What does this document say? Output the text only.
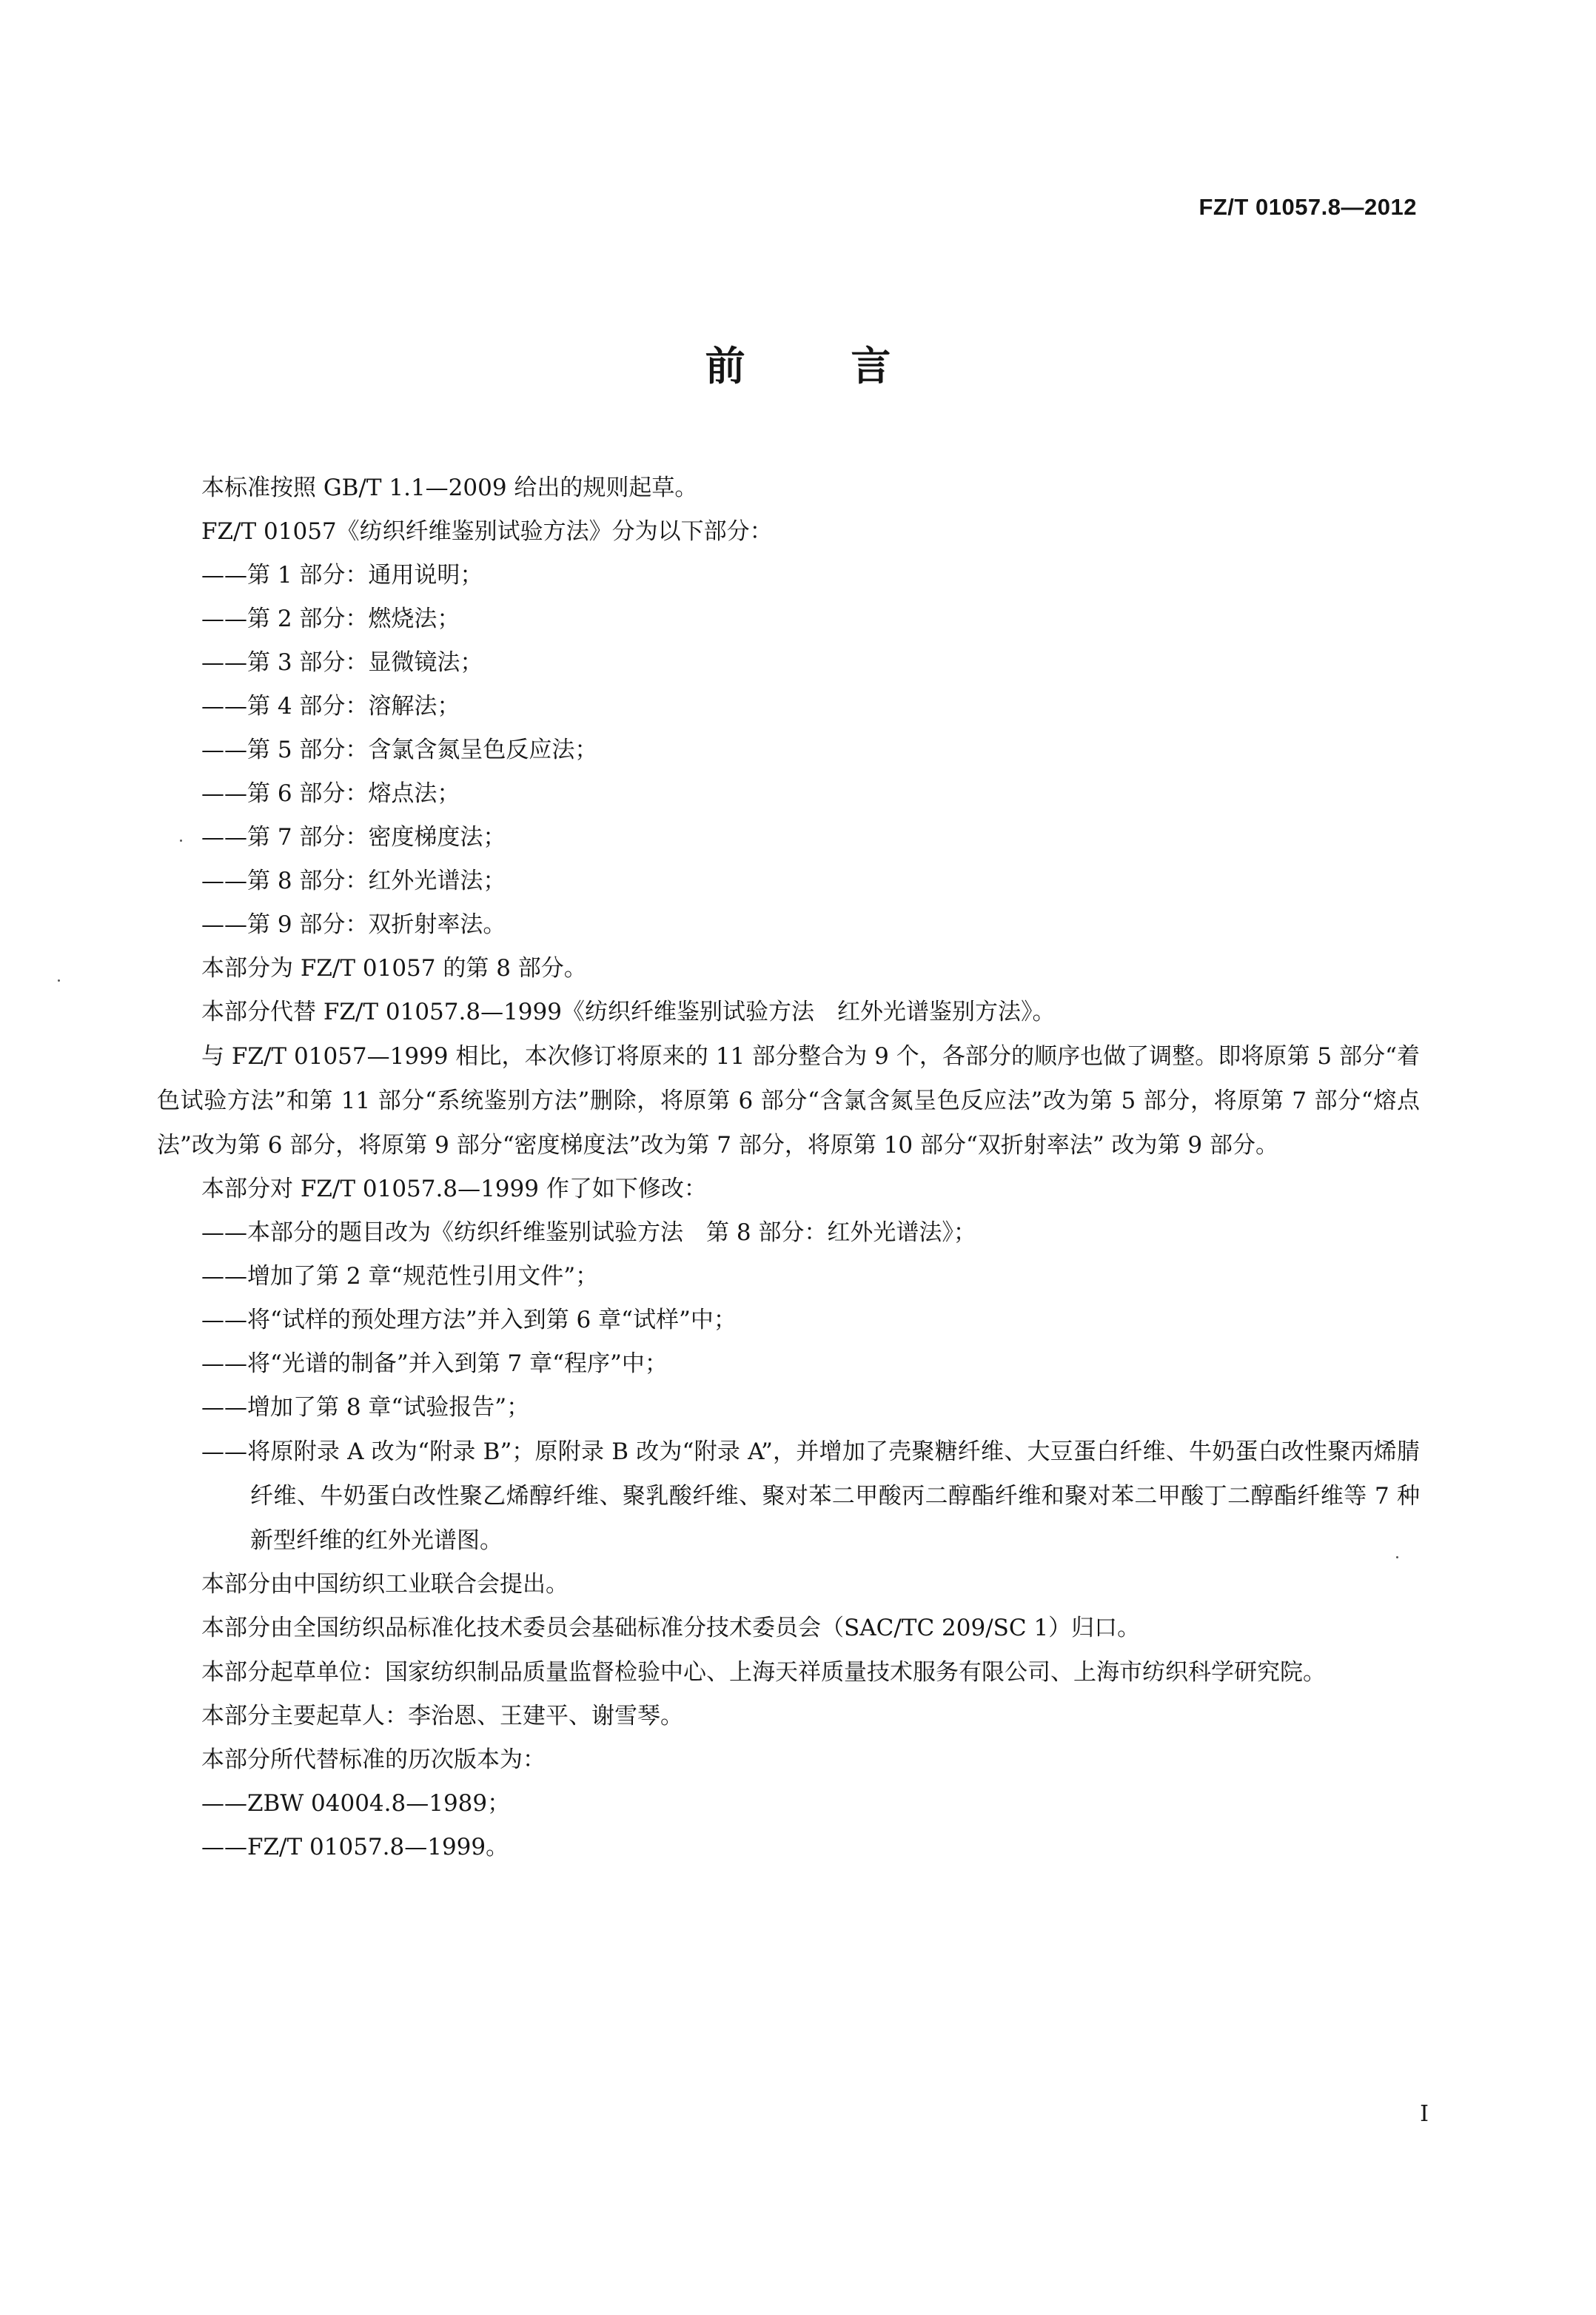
FZ/T 01057.8—2012
前 言

本标准按照 GB/T 1.1—2009 给出的规则起草。

FZ/T 01057《纺织纤维鉴别试验方法》分为以下部分：

——第 1 部分：通用说明；

——第 2 部分：燃烧法；

——第 3 部分：显微镜法；

——第 4 部分：溶解法；

——第 5 部分：含氯含氮呈色反应法；

——第 6 部分：熔点法；

——第 7 部分：密度梯度法；

——第 8 部分：红外光谱法；

——第 9 部分：双折射率法。

本部分为 FZ/T 01057 的第 8 部分。

本部分代替 FZ/T 01057.8—1999《纺织纤维鉴别试验方法　红外光谱鉴别方法》。

与 FZ/T 01057—1999 相比，本次修订将原来的 11 部分整合为 9 个，各部分的顺序也做了调整。即将原第 5 部分“着色试验方法”和第 11 部分“系统鉴别方法”删除，将原第 6 部分“含氯含氮呈色反应法”改为第 5 部分，将原第 7 部分“熔点法”改为第 6 部分，将原第 9 部分“密度梯度法”改为第 7 部分，将原第 10 部分“双折射率法” 改为第 9 部分。

本部分对 FZ/T 01057.8—1999 作了如下修改：

——本部分的题目改为《纺织纤维鉴别试验方法　第 8 部分：红外光谱法》；

——增加了第 2 章“规范性引用文件”；

——将“试样的预处理方法”并入到第 6 章“试样”中；

——将“光谱的制备”并入到第 7 章“程序”中；

——增加了第 8 章“试验报告”；

——将原附录 A 改为“附录 B”；原附录 B 改为“附录 A”，并增加了壳聚糖纤维、大豆蛋白纤维、牛奶蛋白改性聚丙烯腈纤维、牛奶蛋白改性聚乙烯醇纤维、聚乳酸纤维、聚对苯二甲酸丙二醇酯纤维和聚对苯二甲酸丁二醇酯纤维等 7 种新型纤维的红外光谱图。

本部分由中国纺织工业联合会提出。

本部分由全国纺织品标准化技术委员会基础标准分技术委员会（SAC/TC 209/SC 1）归口。

本部分起草单位：国家纺织制品质量监督检验中心、上海天祥质量技术服务有限公司、上海市纺织科学研究院。

本部分主要起草人：李治恩、王建平、谢雪琴。

本部分所代替标准的历次版本为：

——ZBW 04004.8—1989；

——FZ/T 01057.8—1999。

I
